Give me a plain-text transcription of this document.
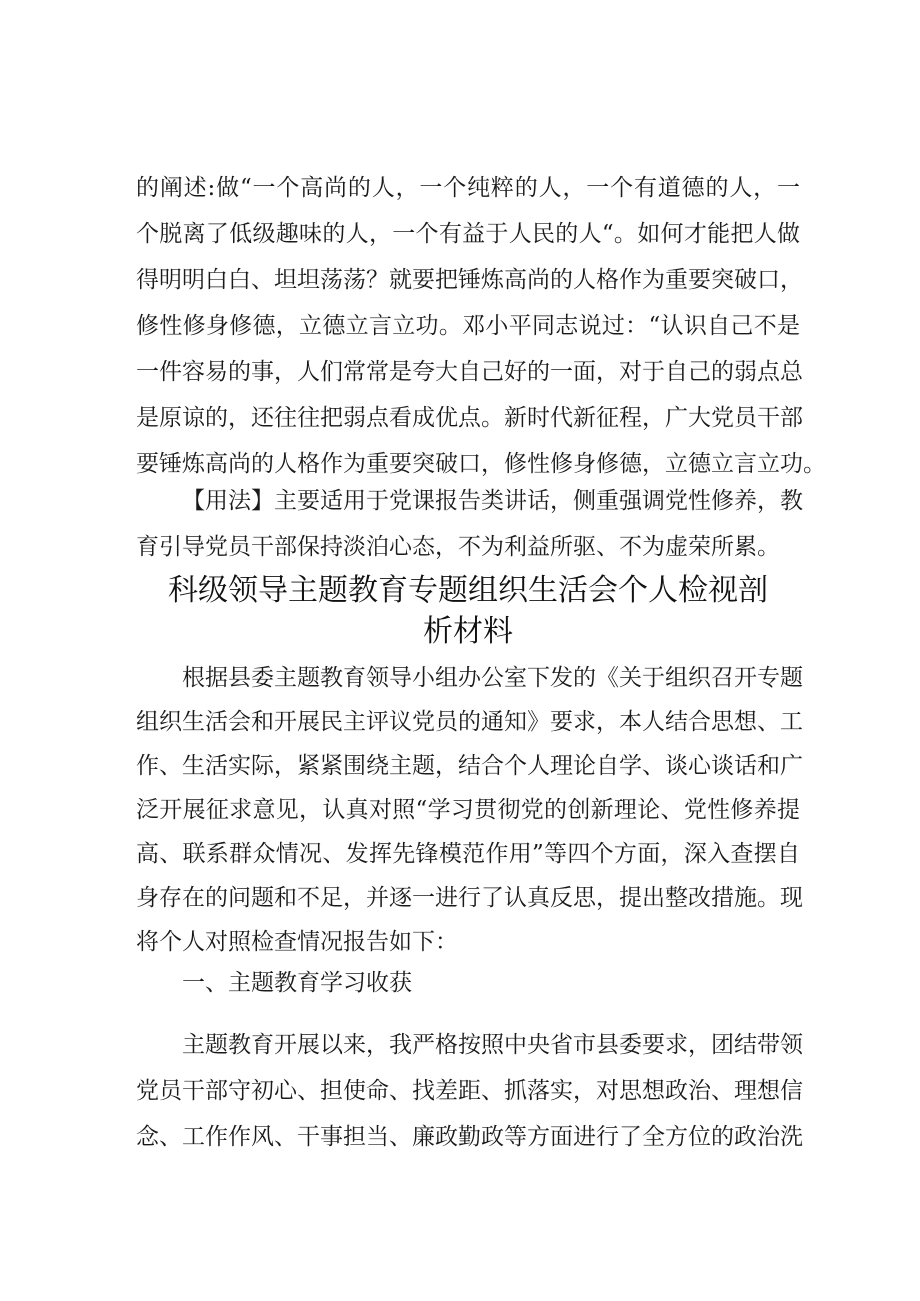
的阐述:做“一个高尚的人，一个纯粹的人，一个有道德的人，一
个脱离了低级趣味的人，一个有益于人民的人“。如何才能把人做
得明明白白、坦坦荡荡？就要把锤炼高尚的人格作为重要突破口，
修性修身修德，立德立言立功。邓小平同志说过：“认识自己不是
一件容易的事，人们常常是夸大自己好的一面，对于自己的弱点总
是原谅的，还往往把弱点看成优点。新时代新征程，广大党员干部
要锤炼高尚的人格作为重要突破口，修性修身修德，立德立言立功。
【用法】主要适用于党课报告类讲话，侧重强调党性修养，教
育引导党员干部保持淡泊心态，不为利益所驱、不为虚荣所累。
科级领导主题教育专题组织生活会个人检视剖
析材料
根据县委主题教育领导小组办公室下发的《关于组织召开专题
组织生活会和开展民主评议党员的通知》要求，本人结合思想、工
作、生活实际，紧紧围绕主题，结合个人理论自学、谈心谈话和广
泛开展征求意见，认真对照“学习贯彻党的创新理论、党性修养提
高、联系群众情况、发挥先锋模范作用”等四个方面，深入查摆自
身存在的问题和不足，并逐一进行了认真反思，提出整改措施。现
将个人对照检查情况报告如下：
一、主题教育学习收获
主题教育开展以来，我严格按照中央省市县委要求，团结带领
党员干部守初心、担使命、找差距、抓落实，对思想政治、理想信
念、工作作风、干事担当、廉政勤政等方面进行了全方位的政治洗
